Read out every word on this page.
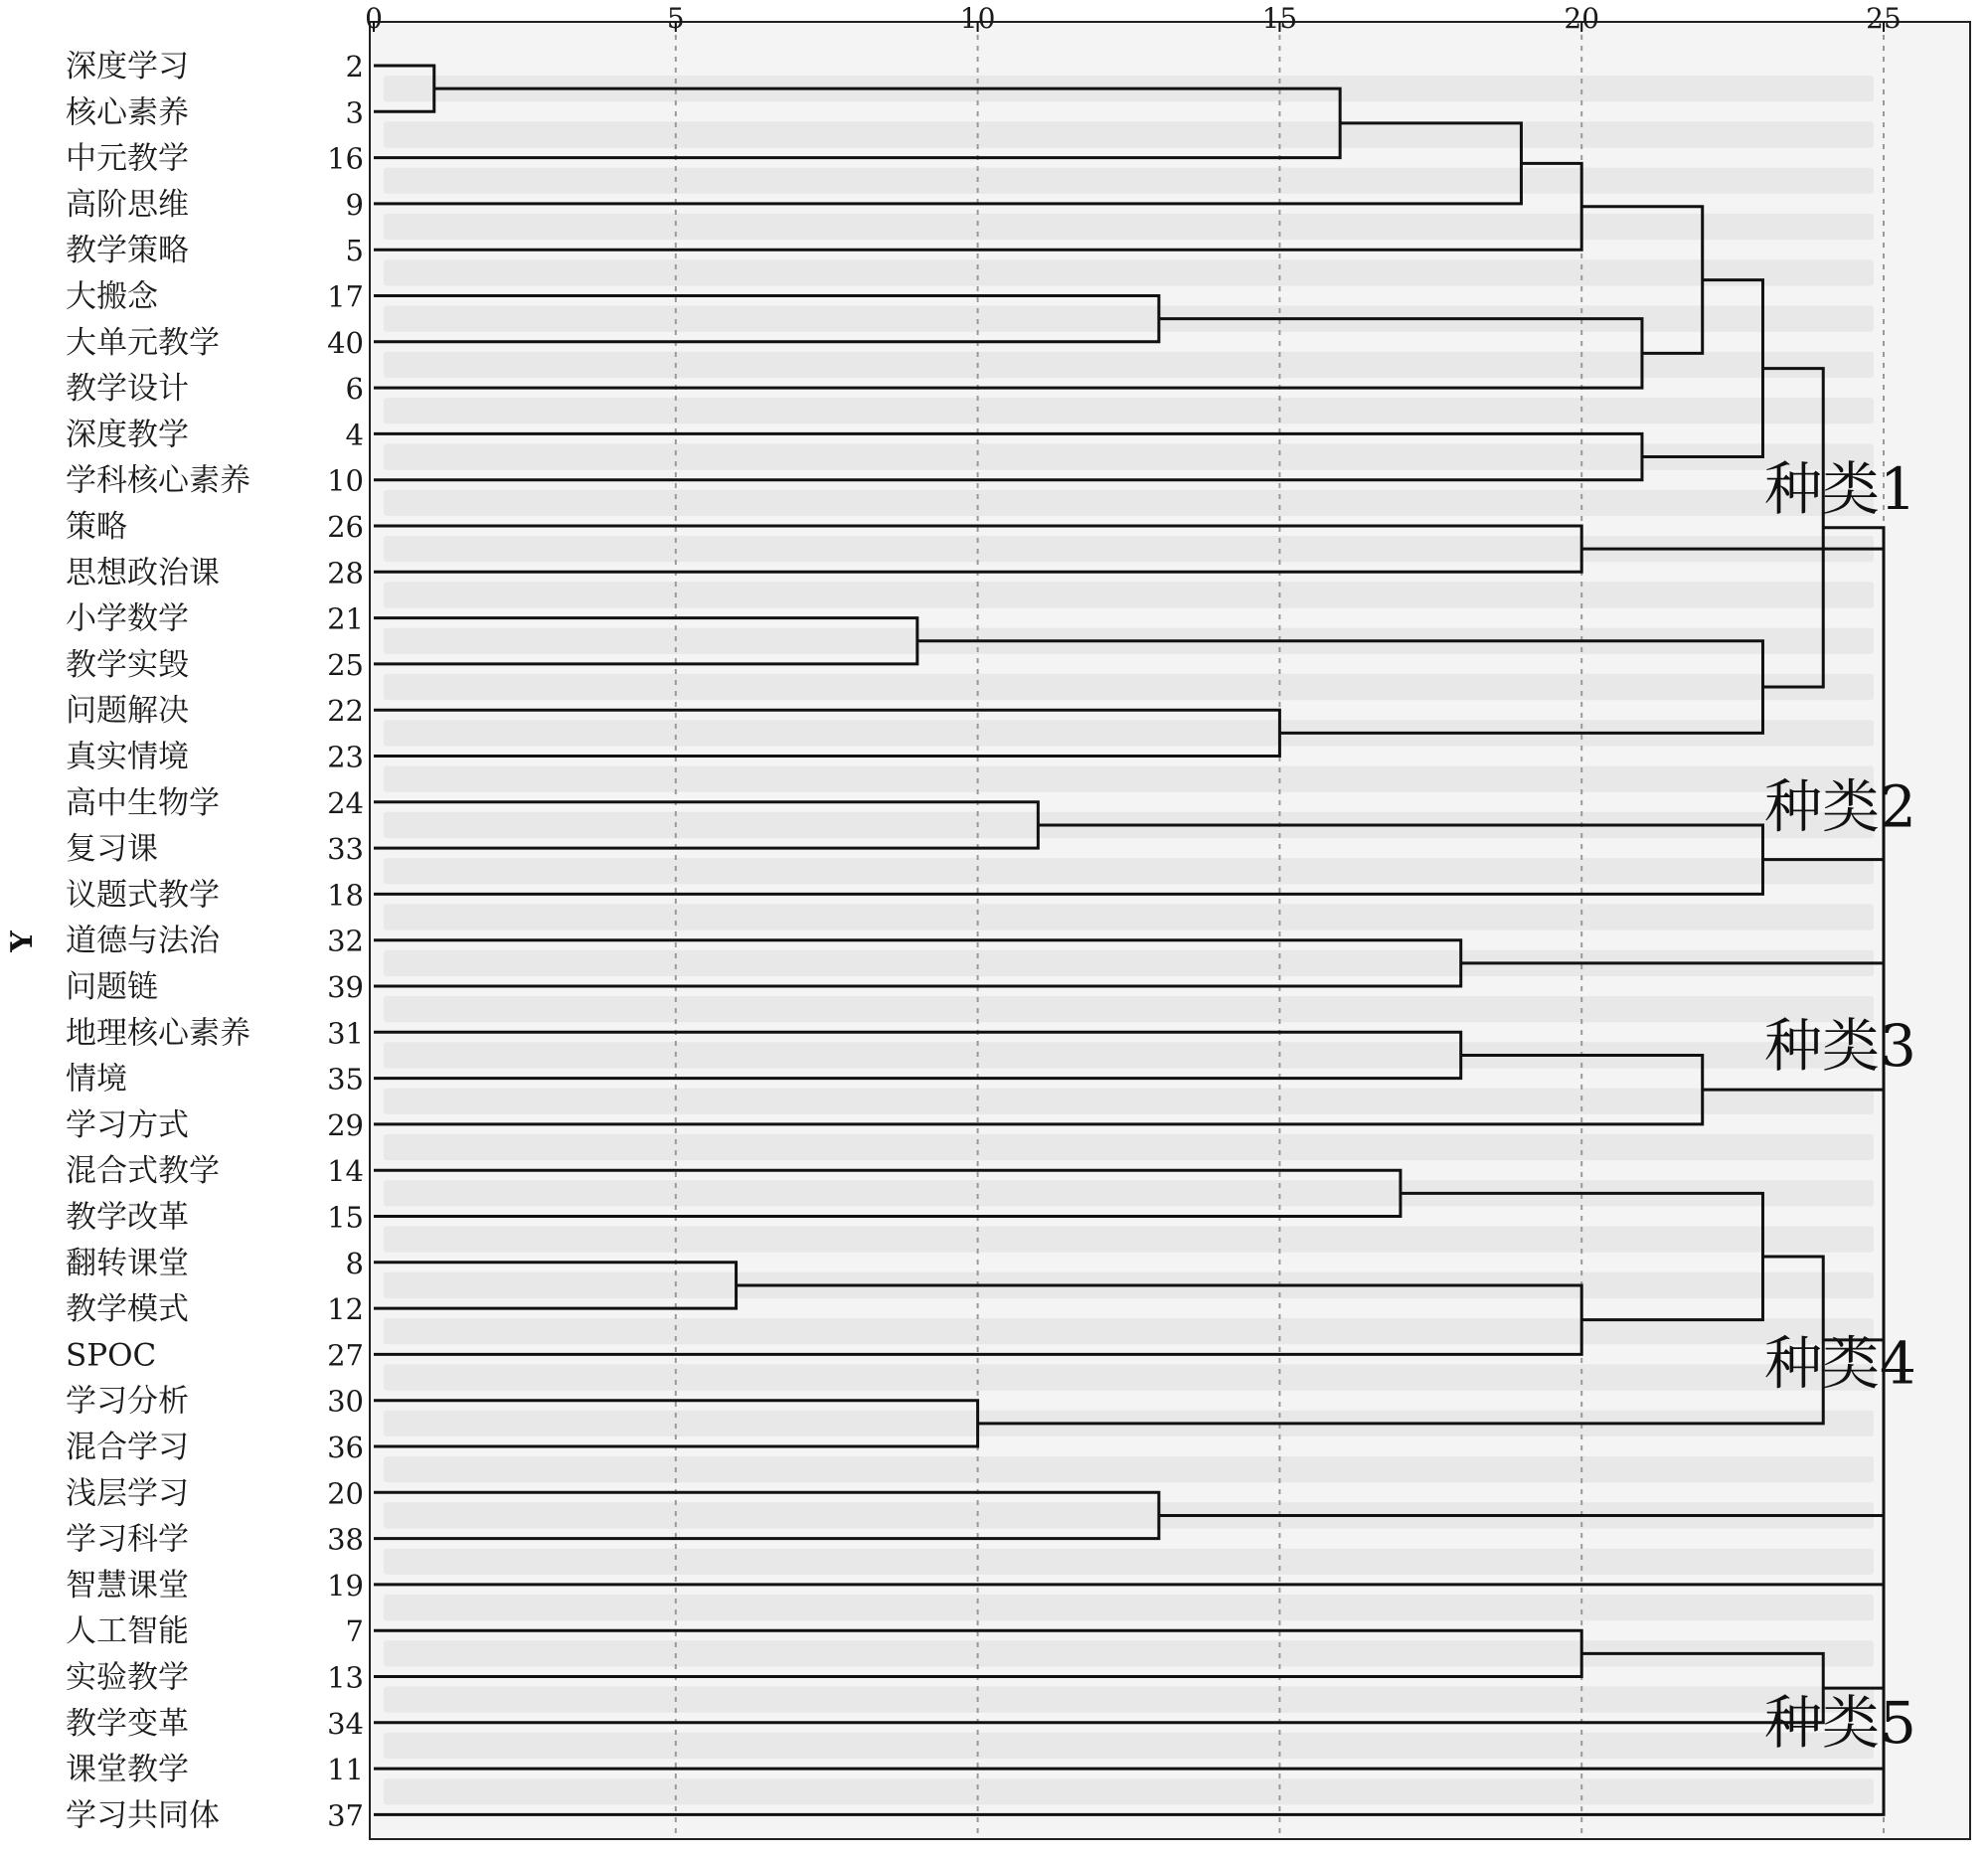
0	5	10	15	20	25
深度学习	2
核心素养	3
中元教学	16
高阶思维	9
教学策略	5
大搬念	17
大单元教学	40
教学设计	6
深度教学	4
学科核心素养	10
策略	26
思想政治课	28
小学数学	21
教学实毁	25
问题解决	22
真实情境	23
高中生物学	24
复习课	33
议题式教学	18
道德与法治	32
问题链	39
地理核心素养	31
情境	35
学习方式	29
混合式教学	14
教学改革	15
翻转课堂	8
教学模式	12
SPOC	27
学习分析	30
混合学习	36
浅层学习	20
学习科学	38
智慧课堂	19
人工智能	7
实验教学	13
教学变革	34
课堂教学	11
学习共同体	37
种类1
种类2
种类3
种类4
种类5
Y
